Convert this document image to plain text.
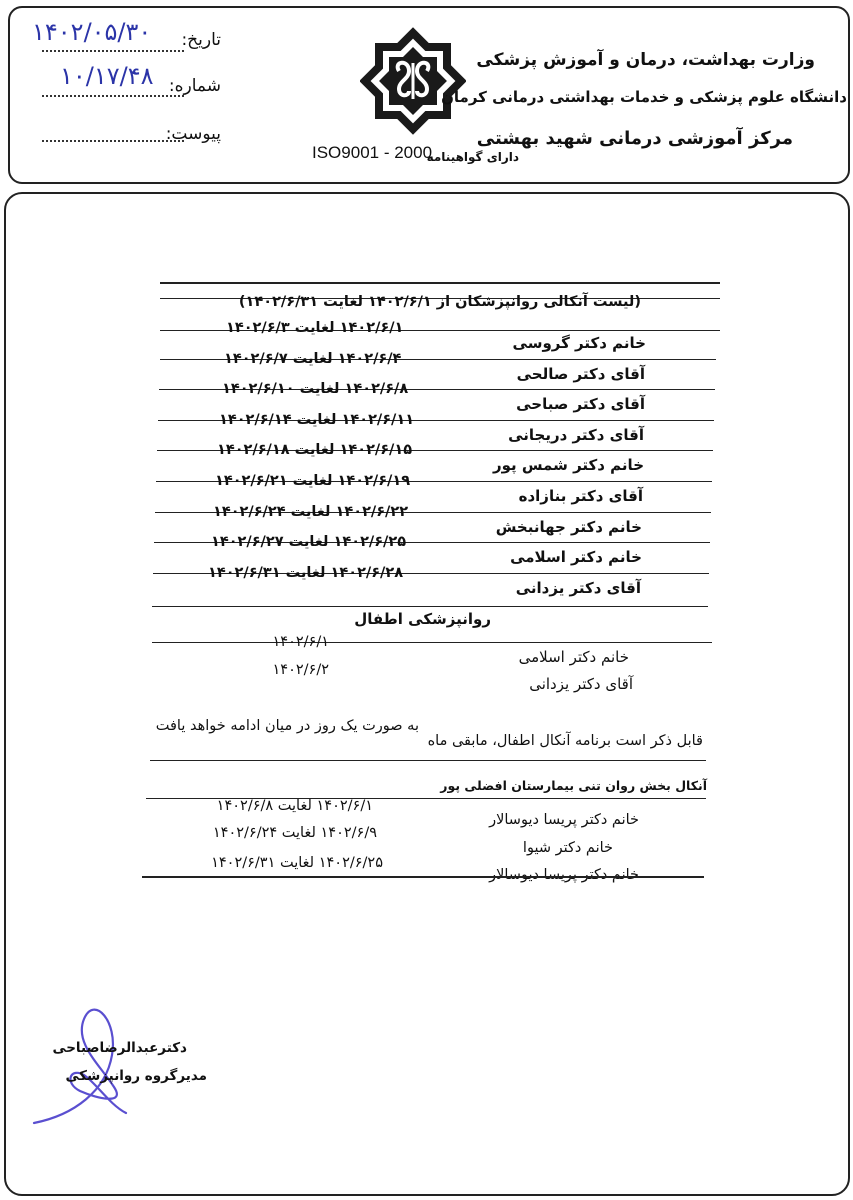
تاریخ:
۱۴۰۲/۰۵/۳۰
شماره:
۱۰/۱۷/۴۸
پیوست:
ISO9001 - 2000
دارای گواهینامه
وزارت بهداشت، درمان و آموزش پزشکی
دانشگاه علوم پزشکی و خدمات بهداشتی درمانی کرمان
مرکز آموزشی درمانی شهید بهشتی
(لیست آنکالی روانپزشکان از ۱۴۰۲/۶/۱ لغایت ۱۴۰۲/۶/۳۱)
خانم دکتر گروسی
۱۴۰۲/۶/۱ لغایت ۱۴۰۲/۶/۳
آقای دکتر صالحی
۱۴۰۲/۶/۴ لغایت ۱۴۰۲/۶/۷
آقای دکتر صباحی
۱۴۰۲/۶/۸ لغایت ۱۴۰۲/۶/۱۰
آقای دکتر دریجانی
۱۴۰۲/۶/۱۱ لغایت ۱۴۰۲/۶/۱۴
خانم دکتر شمس پور
۱۴۰۲/۶/۱۵ لغایت ۱۴۰۲/۶/۱۸
آقای دکتر بنازاده
۱۴۰۲/۶/۱۹ لغایت ۱۴۰۲/۶/۲۱
خانم دکتر جهانبخش
۱۴۰۲/۶/۲۲ لغایت ۱۴۰۲/۶/۲۴
خانم دکتر اسلامی
۱۴۰۲/۶/۲۵ لغایت ۱۴۰۲/۶/۲۷
آقای دکتر یزدانی
۱۴۰۲/۶/۲۸ لغایت ۱۴۰۲/۶/۳۱
روانپزشکی اطفال
خانم دکتر اسلامی
۱۴۰۲/۶/۱
آقای دکتر یزدانی
۱۴۰۲/۶/۲
قابل ذکر است برنامه آنکال اطفال، مابقی ماه
به صورت یک روز در میان ادامه خواهد یافت
آنکال بخش روان تنی بیمارستان افضلی پور
خانم دکتر پریسا دیوسالار
۱۴۰۲/۶/۱ لغایت ۱۴۰۲/۶/۸
خانم دکتر شیوا
۱۴۰۲/۶/۹ لغایت ۱۴۰۲/۶/۲۴
خانم دکتر پریسا دیوسالار
۱۴۰۲/۶/۲۵ لغایت ۱۴۰۲/۶/۳۱
دکترعبدالرضاصباحی
مدیرگروه روانپزشکی
